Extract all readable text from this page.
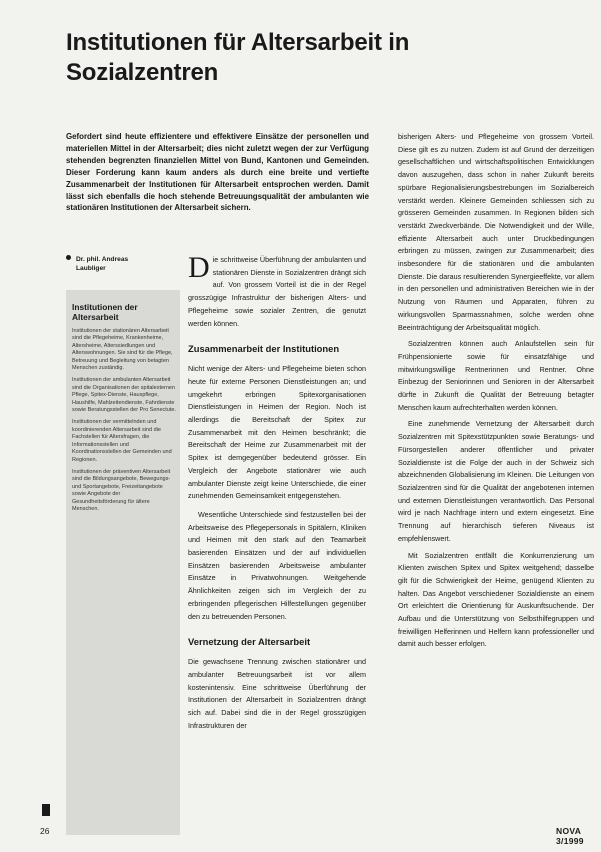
Institutionen für Altersarbeit in Sozialzentren
Gefordert sind heute effizientere und effektivere Einsätze der personellen und materiellen Mittel in der Altersarbeit; dies nicht zuletzt wegen der zur Verfügung stehenden begrenzten finanziellen Mittel von Bund, Kantonen und Gemeinden. Dieser Forderung kann kaum anders als durch eine breite und vertiefte Zusammenarbeit der Institutionen für Altersarbeit entsprochen werden. Damit lässt sich ebenfalls die hoch stehende Betreuungsqualität der ambulanten wie stationären Institutionen der Altersarbeit sichern.
Dr. phil. Andreas
Laubliger
Institutionen der Altersarbeit

Institutionen der stationären Altersarbeit sind die Pflegeheime, Krankenheime, Altersheime, Alterssiedlungen und Alterswohnungen. Sie sind für die Pflege, Betreuung und Begleitung von betagten Menschen zuständig.

Institutionen der ambulanten Altersarbeit sind die Organisationen der spitalexternen Pflege, Spitex-Dienste, Hauspflege, Haushilfe, Mahlzeitendienste, Fahrdienste sowie Beratungsstellen der Pro Senectute.

Institutionen der vermittelnden und koordinierenden Altersarbeit sind die Fachstellen für Altersfragen, die Informationsstellen und Koordinationsstellen der Gemeinden und Regionen.

Institutionen der präventiven Altersarbeit sind die Bildungsangebote, Bewegungs- und Sportangebote, Freizeitangebote sowie Angebote der Gesundheitsförderung für ältere Menschen.

Die schrittweise Überführung der ambulanten und stationären Dienste in Sozialzentren drängt sich auf. Von grossem Vorteil ist die in der Regel grosszügige Infrastruktur der bisherigen Alters- und Pflegeheime sowie sozialer Zentren, die genutzt werden können.

Zusammenarbeit der Institutionen

Nicht wenige der Alters- und Pflegeheime bieten schon heute für externe Personen Dienstleistungen an; und umgekehrt erbringen Spitexorganisationen Dienstleistungen in Heimen der Region. Noch ist allerdings die Bereitschaft der Spitex zur Zusammenarbeit mit den Heimen beschränkt; die Bereitschaft der Heime zur Zusammenarbeit mit der Spitex ist demgegenüber bedeutend grösser. Ein Vergleich der Angebote stationärer wie auch ambulanter Dienste zeigt keine Unterschiede, die einer zunehmenden Gemeinsamkeit entgegenstehen.

Wesentliche Unterschiede sind festzustellen bei der Arbeitsweise des Pflegepersonals in Spitälern, Kliniken und Heimen mit den stark auf den Teamarbeit basierenden Einsätzen und der auf individuellen Einsätzen basierenden Arbeitsweise ambulanter Einsätze in Privatwohnungen. Weitgehende Ähnlichkeiten zeigen sich im Vergleich der zu erbringenden pflegerischen Hilfestellungen gegenüber den zu betreuenden Personen.

Vernetzung der Altersarbeit

Die gewachsene Trennung zwischen stationärer und ambulanter Betreuungsarbeit ist vor allem kostenintensiv. Eine schrittweise Überführung der Institutionen der Altersarbeit in Sozialzentren drängt sich auf. Dabei sind die in der Regel grosszügigen Infrastrukturen der

bisherigen Alters- und Pflegeheime von grossem Vorteil. Diese gilt es zu nutzen. Zudem ist auf Grund der derzeitigen gesellschaftlichen und wirtschaftspolitischen Entwicklungen davon auszugehen, dass schon in naher Zukunft bereits spürbare Regionalisierungsbestrebungen im Sozialbereich verstärkt werden. Kleinere Gemeinden schliessen sich zu grösseren Gemeinden zusammen. In Regionen bilden sich verstärkt Zweckverbände. Die Notwendigkeit und der Wille, effiziente Altersarbeit auch unter Druckbedingungen erbringen zu müssen, zwingen zur Zusammenarbeit; dies insbesondere für die stationären und die ambulanten Dienste. Die daraus resultierenden Synergieeffekte, vor allem in den personellen und administrativen Bereichen wie in der Nutzung von Räumen und Apparaten, führen zu wirkungsvollen Sparmassnahmen, solche werden ohne Beeinträchtigung der Arbeitsqualität möglich.

Sozialzentren können auch Anlaufstellen sein für Frühpensionierte sowie für einsatzfähige und mitwirkungswillige Rentnerinnen und Rentner. Ohne Einbezug der Seniorinnen und Senioren in der Altersarbeit dürfte in Zukunft die Qualität der Betreuung betagter Menschen kaum aufrechterhalten werden können.

Eine zunehmende Vernetzung der Altersarbeit durch Sozialzentren mit Spitexstützpunkten sowie Beratungs- und Fürsorgestellen anderer öffentlicher und privater Sozialdienste ist die Folge der auch in der Schweiz sich abzeichnenden Globalisierung im Kleinen. Die Leitungen von Sozialzentren sind für die Qualität der angebotenen internen und externen Dienstleistungen verantwortlich. Das Personal wird je nach Nachfrage intern und extern eingesetzt. Eine Trennung auf hierarchisch tieferen Niveaus ist empfehlenswert.

Mit Sozialzentren entfällt die Konkurrenzierung um Klienten zwischen Spitex und Spitex weitgehend; dasselbe gilt für die Schwierigkeit der Heime, genügend Klienten zu halten. Das Angebot verschiedener Sozialdienste an einem Ort erleichtert die Orientierung für Auskunftsuchende. Der Aufbau und die Unterstützung von Selbsthilfegruppen und freiwilligen Helferinnen und Helfern kann professioneller und damit auch besser erfolgen.

26	NOVA 3/1999
